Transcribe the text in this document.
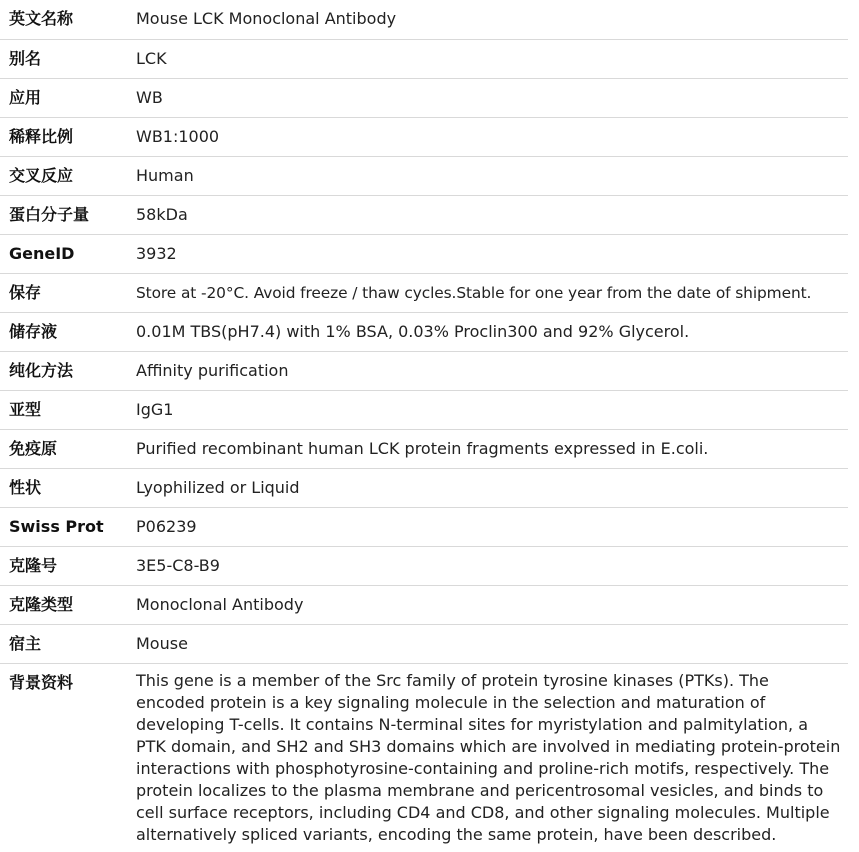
英文名称	Mouse LCK Monoclonal Antibody
别名	LCK
应用	WB
稀释比例	WB1:1000
交叉反应	Human
蛋白分子量	58kDa
GeneID	3932
保存	Store at -20°C. Avoid freeze / thaw cycles.Stable for one year from the date of shipment.
储存液	0.01M TBS(pH7.4) with 1% BSA, 0.03% Proclin300 and 92% Glycerol.
纯化方法	Affinity purification
亚型	IgG1
免疫原	Purified recombinant human LCK protein fragments expressed in E.coli.
性状	Lyophilized or Liquid
Swiss Prot	P06239
克隆号	3E5-C8-B9
克隆类型	Monoclonal Antibody
宿主	Mouse
背景资料	This gene is a member of the Src family of protein tyrosine kinases (PTKs). The encoded protein is a key signaling molecule in the selection and maturation of developing T-cells. It contains N-terminal sites for myristylation and palmitylation, a PTK domain, and SH2 and SH3 domains which are involved in mediating protein-protein interactions with phosphotyrosine-containing and proline-rich motifs, respectively. The protein localizes to the plasma membrane and pericentrosomal vesicles, and binds to cell surface receptors, including CD4 and CD8, and other signaling molecules. Multiple alternatively spliced variants, encoding the same protein, have been described.
